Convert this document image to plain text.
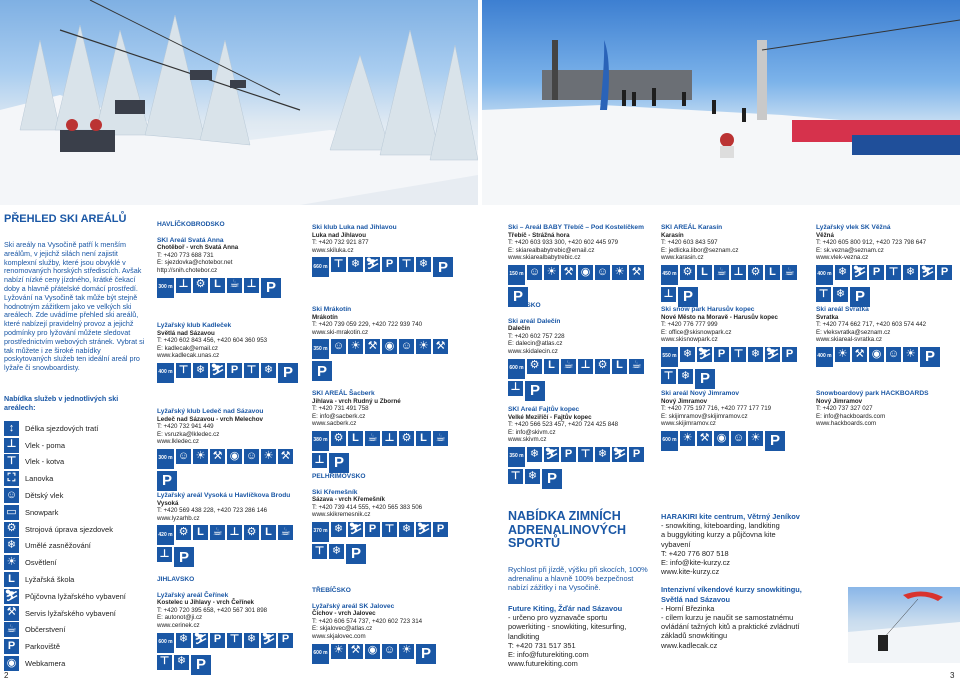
PŘEHLED SKI AREÁLŮ
Ski areály na Vysočině patří k menším areálům, v jejichž silách není zajistit komplexní služby, které jsou obvyklé v renomovaných horských střediscích. Avšak nabízí nízké ceny jízdného, krátké čekací doby a hlavně přátelské domácí prostředí. Lyžování na Vysočině tak může být stejně hodnotným zážitkem jako ve velkých ski areálech. Zde uvádíme přehled ski areálů, které nabízejí pravidelný provoz a jejichž podmínky pro lyžování můžete sledovat prostřednictvím webových stránek. Vybrat si tak můžete i ze široké nabídky poskytovaných služeb ten ideální areál pro lyžaře či snowboardisty.
Nabídka služeb v jednotlivých ski areálech:
↕	Délka sjezdových tratí
⊥	Vlek - poma
⊤	Vlek - kotva
⛶	Lanovka
☺ Dětský vlek
▭	Snowpark
⚙	Strojová úprava sjezdovek
❄	Umělé zasněžování
☀	Osvětlení
L	Lyžařská škola
⛷ Půjčovna lyžařského vybavení
⚒	Servis lyžařského vybavení
☕	Občerstvení
P	Parkoviště
◉	Webkamera
HAVLÍČKOBRODSKO
SKI Areál Svatá Anna
Chotěboř - vrch Svatá Anna
T: +420 773 688 731
E: sjezdovka@chotebor.net
http://snih.chotebor.cz
300 m ⊥ ⚙ L ☕ ⊥ P
Lyžařský klub Kadleček
Světlá nad Sázavou
T: +420 602 843 456, +420 604 360 953
E: kadlecak@email.cz
www.kadlecak.unas.cz
400 m ⊤ ❄ ⛷ P ⊤ ❄ P
Lyžařský klub Ledeč nad Sázavou
Ledeč nad Sázavou - vrch Melechov
T: +420 732 941 449
E: vsruzka@lkledec.cz
www.lkledec.cz
300 m ☺ ☀ ⚒ ◉ ☺ ☀ ⚒
P
Lyžařský areál Vysoká u Havlíčkova Brodu
Vysoká
T: +420 569 438 228, +420 723 286 146
www.lyzarhb.cz
420 m ⚙ L ☕ ⊥ ⚙ L ☕
⊥ P
JIHLAVSKO
Lyžařský areál Čeřínek
Kostelec u Jihlavy - vrch Čeřínek
T: +420 720 395 658, +420 567 301 898
E: autonot@ji.cz
www.cerinek.cz
600 m ❄ ⛷ P ⊤ ❄ ⛷ P
⊤ ❄ P
Ski klub Luka nad Jihlavou
Luka nad Jihlavou
T: +420 732 921 877
www.skiluka.cz
660 m ⊤ ❄ ⛷ P ⊤ ❄ P
Ski Mrákotín
Mrákotín
T: +420 739 059 229, +420 722 939 740
www.ski-mrakotin.cz
350 m ☺ ☀ ⚒ ◉ ☺ ☀ ⚒
P
SKI AREÁL Šacberk
Jihlava - vrch Rudný u Zborné
T: +420 731 491 758
E: info@sacberk.cz
www.sacberk.cz
380 m ⚙ L ☕ ⊥ ⚙ L ☕
⊥ P
PELHŘIMOVSKO
Ski Křemešník
Sázava - vrch Křemešník
T: +420 739 414 555, +420 565 383 506
www.skikremesnik.cz
370 m ❄ ⛷ P ⊤ ❄ ⛷ P
⊤ ❄ P
TŘEBÍČSKO
Lyžařský areál SK Jalovec
Číchov - vrch Jalovec
T: +420 606 574 737, +420 602 723 314
E: skjalovec@atlas.cz
www.skjalovec.com
600 m ☀ ⚒ ◉ ☺ ☀ P
Ski – Areál BABY Třebíč – Pod Kostelíčkem
Třebíč - Strážná hora
T: +420 603 933 300, +420 602 445 979
E: skiarealbabytrebic@email.cz
www.skiarealbabytrebic.cz
150 m ☺ ☀ ⚒ ◉ ☺ ☀ ⚒
P
ŽĎÁRSKO
Ski areál Dalečín
Dalečín
T: +420 602 757 228
E: dalecin@atlas.cz
www.skidalecin.cz
600 m ⚙ L ☕ ⊥ ⚙ L ☕
⊥ P
SKI Areál Fajtův kopec
Velké Meziříčí - Fajtův kopec
T: +420 566 523 457, +420 724 425 848
E: info@skivm.cz
www.skivm.cz
350 m ❄ ⛷ P ⊤ ❄ ⛷ P
⊤ ❄ P
SKI AREÁL Karasín
Karasín
T: +420 603 843 597
E: jedlicka.libor@seznam.cz
www.karasin.cz
450 m ⚙ L ☕ ⊥ ⚙ L ☕
⊥ P
Ski snow park Harusův kopec
Nové Město na Moravě - Harusův kopec
T: +420 776 777 999
E: office@skisnowpark.cz
www.skisnowpark.cz
550 m ❄ ⛷ P ⊤ ❄ ⛷ P
⊤ ❄ P
Ski areál Nový Jimramov
Nový Jimramov
T: +420 775 197 716, +420 777 177 719
E: skijimramov@skijimramov.cz
www.skijimramov.cz
600 m ☀ ⚒ ◉ ☺ ☀ P
Lyžařský vlek SK Věžná
Věžná
T: +420 605 800 912, +420 723 798 647
E: sk.vezna@seznam.cz
www.vlek-vezna.cz
400 m ❄ ⛷ P ⊤ ❄ ⛷ P
⊤ ❄ P
Ski areál Svratka
Svratka
T: +420 774 662 717, +420 603 574 442
E: vleksvratka@seznam.cz
www.skiareal-svratka.cz
400 m ☀ ⚒ ◉ ☺ ☀ P
Snowboardový park HACKBOARDS
Nový Jimramov
T: +420 737 327 027
E: info@hackboards.com
www.hackboards.com
NABÍDKA ZIMNÍCH ADRENALINOVÝCH SPORTŮ
Rychlost při jízdě, výšku při skocích, 100% adrenalinu a hlavně 100% bezpečnost nabízí zážitky i na Vysočině.
Future Kiting, Žďár nad Sázavou
- určeno pro vyznavače sportu
powerkiting - snowkiting, kitesurfing, landkiting
T: +420 731 517 351
E: info@futurekiting.com
www.futurekiting.com
HARAKIRI kite centrum, Větrný Jeníkov
- snowkiting, kiteboarding, landkiting
a buggykiting kurzy a půjčovna kite vybavení
T: +420 776 807 518
E: info@kite-kurzy.cz
www.kite-kurzy.cz
Intenzivní víkendové kurzy snowkitingu, Světlá nad Sázavou
- Horní Březinka
- cílem kurzu je naučit se samostatnému ovládání tažných kitů a praktické zvládnutí základů snowkitingu
www.kadlecak.cz
2	3
